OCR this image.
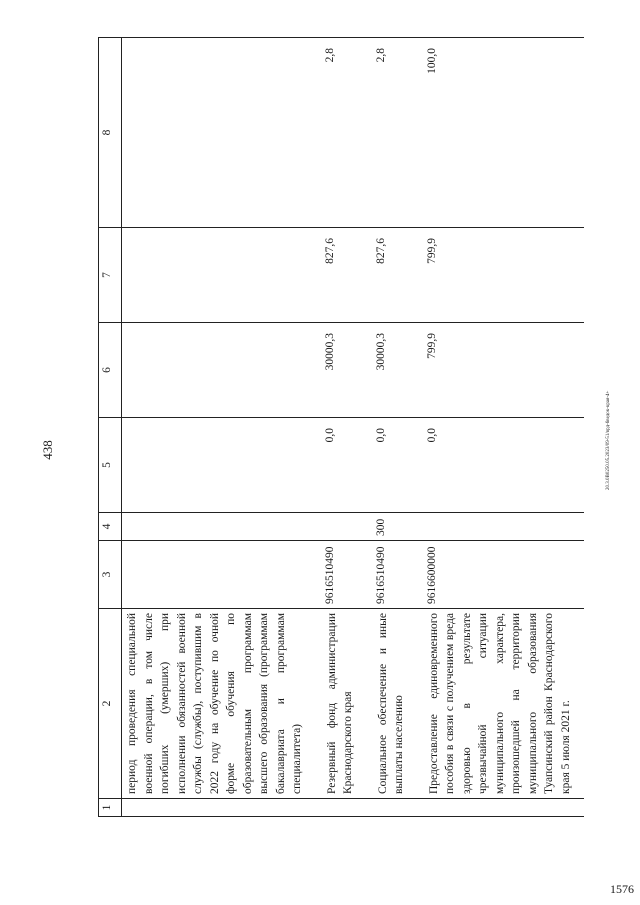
438	20.3.0В0250.05.2023/09-51/врд-6ведок-края-4+
1576
1	2	3	4	5	6	7	8
	период проведения специальной военной операции, в том числе погибших (умерших) при исполнении обязанностей военной службы (службы), поступившим в 2022 году на обучение по очной форме обучения по образовательным программам высшего образования (программам бакалавриата и программам специалитета)						
	Резервный фонд администрации Краснодарского края	9616510490		0,0	30000,3	827,6	2,8
	Социальное обеспечение и иные выплаты населению	9616510490	300	0,0	30000,3	827,6	2,8
	Предоставление единовременного пособия в связи с получением вреда здоровью в результате чрезвычайной ситуации муниципального характера, произошедшей на территории муниципального образования Туапсинский район Краснодарского края 5 июля 2021 г.	9616600000		0,0	799,9	799,9	100,0
